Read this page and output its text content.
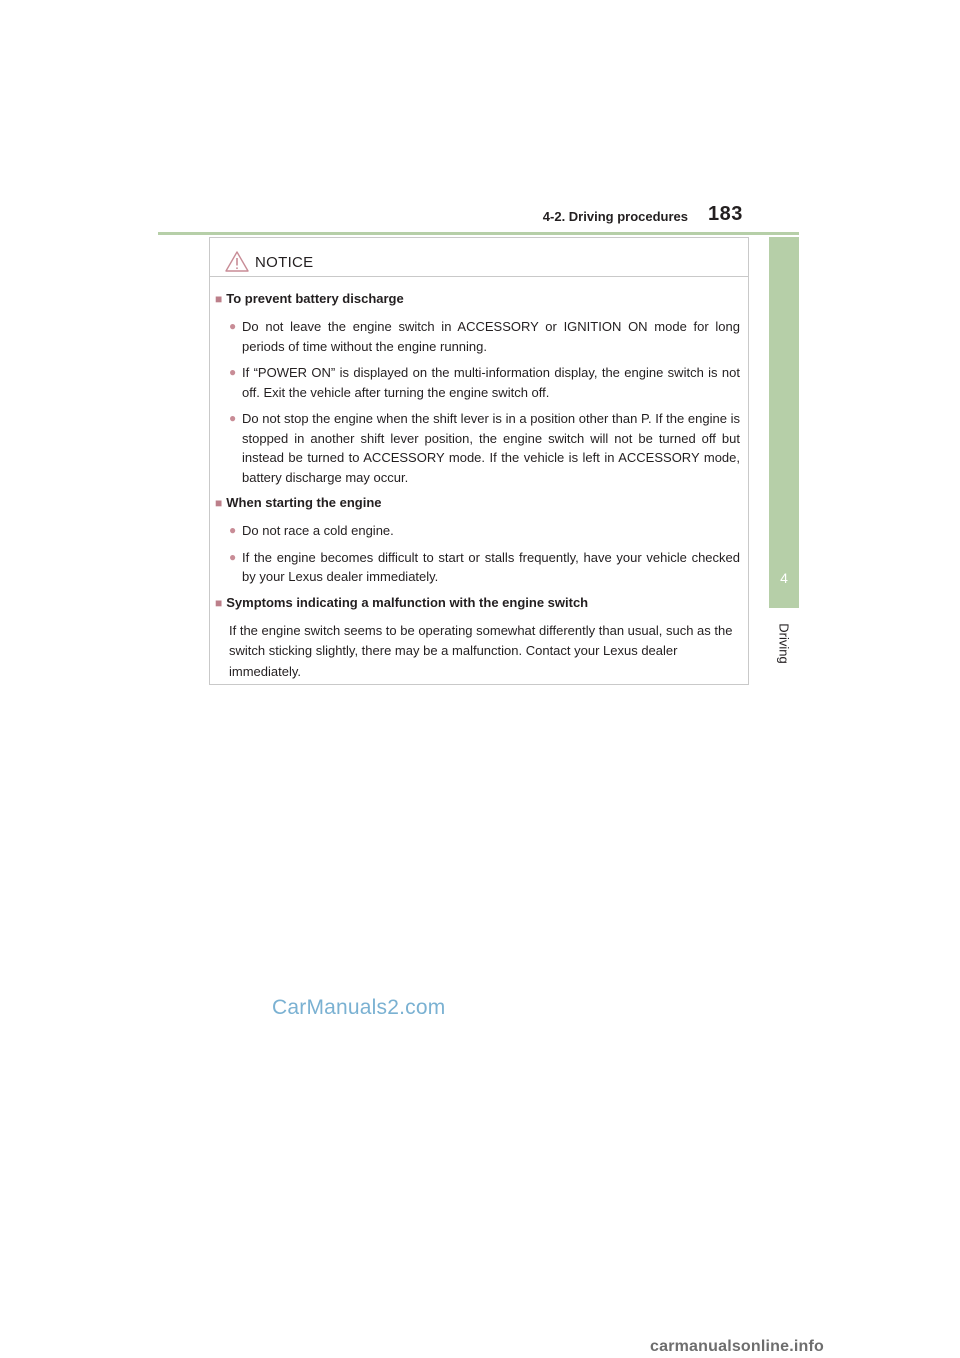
4-2. Driving procedures 183
4
Driving
NOTICE
■ To prevent battery discharge
● Do not leave the engine switch in ACCESSORY or IGNITION ON mode for long periods of time without the engine running.
● If “POWER ON” is displayed on the multi-information display, the engine switch is not off. Exit the vehicle after turning the engine switch off.
● Do not stop the engine when the shift lever is in a position other than P. If the engine is stopped in another shift lever position, the engine switch will not be turned off but instead be turned to ACCESSORY mode. If the vehicle is left in ACCESSORY mode, battery discharge may occur.
■ When starting the engine
● Do not race a cold engine.
● If the engine becomes difficult to start or stalls frequently, have your vehicle checked by your Lexus dealer immediately.
■ Symptoms indicating a malfunction with the engine switch
If the engine switch seems to be operating somewhat differently than usual, such as the switch sticking slightly, there may be a malfunction. Contact your Lexus dealer immediately.
CarManuals2.com
carmanualsonline.info
